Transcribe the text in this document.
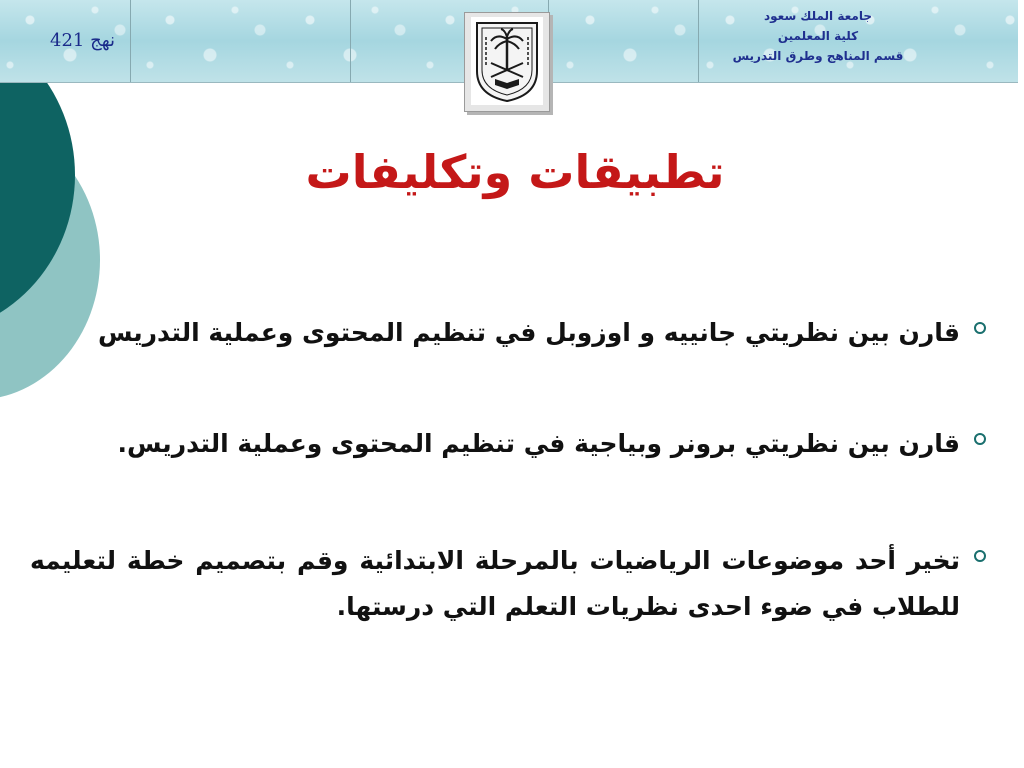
نهج 421
جامعة الملك سعود
كلية المعلمين
قسم المناهج وطرق التدريس
تطبيقات وتكليفات
قارن بين نظريتي جانييه و اوزوبل في تنظيم المحتوى وعملية التدريس
قارن بين نظريتي برونر وبياجية في تنظيم المحتوى وعملية التدريس.
تخير أحد موضوعات الرياضيات بالمرحلة الابتدائية وقم بتصميم خطة لتعليمه للطلاب في ضوء احدى نظريات التعلم التي درستها.
